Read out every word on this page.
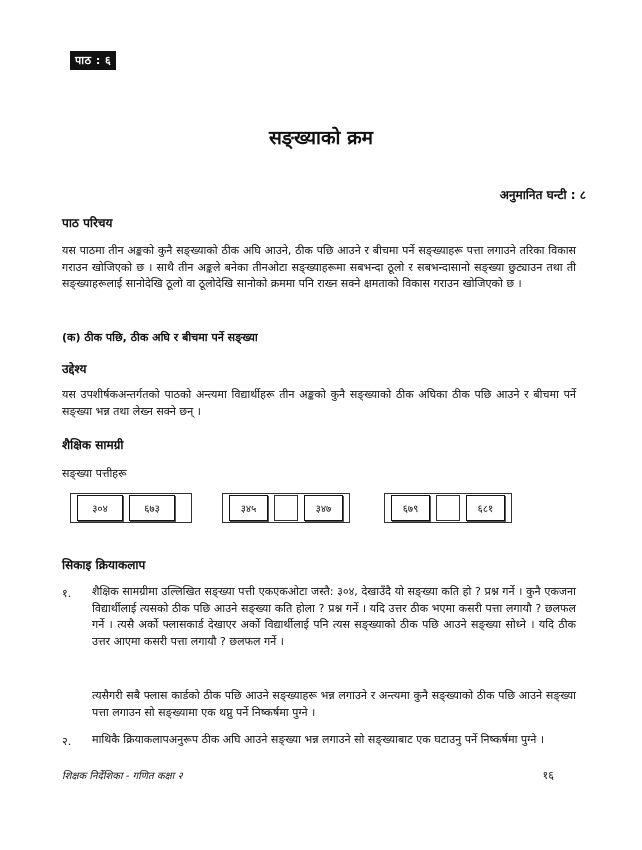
पाठ : ६
सङ्ख्याको क्रम
अनुमानित घन्टी : ८
पाठ परिचय

यस पाठमा तीन अङ्कको कुनै सङ्ख्याको ठीक अघि आउने, ठीक पछि आउने र बीचमा पर्ने सङ्ख्याहरू पत्ता लगाउने तरिका विकास गराउन खोजिएको छ । साथै तीन अङ्कले बनेका तीनओटा सङ्ख्याहरूमा सबभन्दा ठूलो र सबभन्दासानो सङ्ख्या छुट्याउन तथा ती सङ्ख्याहरूलाई सानोदेखि ठूलो वा ठूलोदेखि सानोको क्रममा पनि राख्न सक्ने क्षमताको विकास गराउन खोजिएको छ ।

(क) ठीक पछि, ठीक अघि र बीचमा पर्ने सङ्ख्या
उद्देश्य

यस उपशीर्षकअन्तर्गतको पाठको अन्त्यमा विद्यार्थीहरू तीन अङ्कको कुनै सङ्ख्याको ठीक अघिका ठीक पछि आउने र बीचमा पर्ने सङ्ख्या भन्न तथा लेख्न सक्ने छन् ।

शैक्षिक सामग्री
सङ्ख्या पत्तीहरू
३०४	६७३	३४५	३४७	६७९	६८१
सिकाइ क्रियाकलाप
१. शैक्षिक सामग्रीमा उल्लिखित सङ्ख्या पत्ती एकएकओटा जस्तै: ३०४, देखाउँदै यो सङ्ख्या कति हो ? प्रश्न गर्ने । कुनै एकजना विद्यार्थीलाई त्यसको ठीक पछि आउने सङ्ख्या कति होला ? प्रश्न गर्ने । यदि उत्तर ठीक भएमा कसरी पत्ता लगायौ ? छलफल गर्ने । त्यसै अर्को फ्लासकार्ड देखाएर अर्को विद्यार्थीलाई पनि त्यस सङ्ख्याको ठीक पछि आउने सङ्ख्या सोध्ने । यदि ठीक उत्तर आएमा कसरी पत्ता लगायौ ? छलफल गर्ने ।

त्यसैगरी सबै फ्लास कार्डको ठीक पछि आउने सङ्ख्याहरू भन्न लगाउने र अन्त्यमा कुनै सङ्ख्याको ठीक पछि आउने सङ्ख्या पत्ता लगाउन सो सङ्ख्यामा एक थप्नु पर्ने निष्कर्षमा पुग्ने ।

२. माथिकै क्रियाकलापअनुरूप ठीक अघि आउने सङ्ख्या भन्न लगाउने सो सङ्ख्याबाट एक घटाउनु पर्ने निष्कर्षमा पुग्ने ।

शिक्षक निर्देशिका - गणित कक्षा २	१६
